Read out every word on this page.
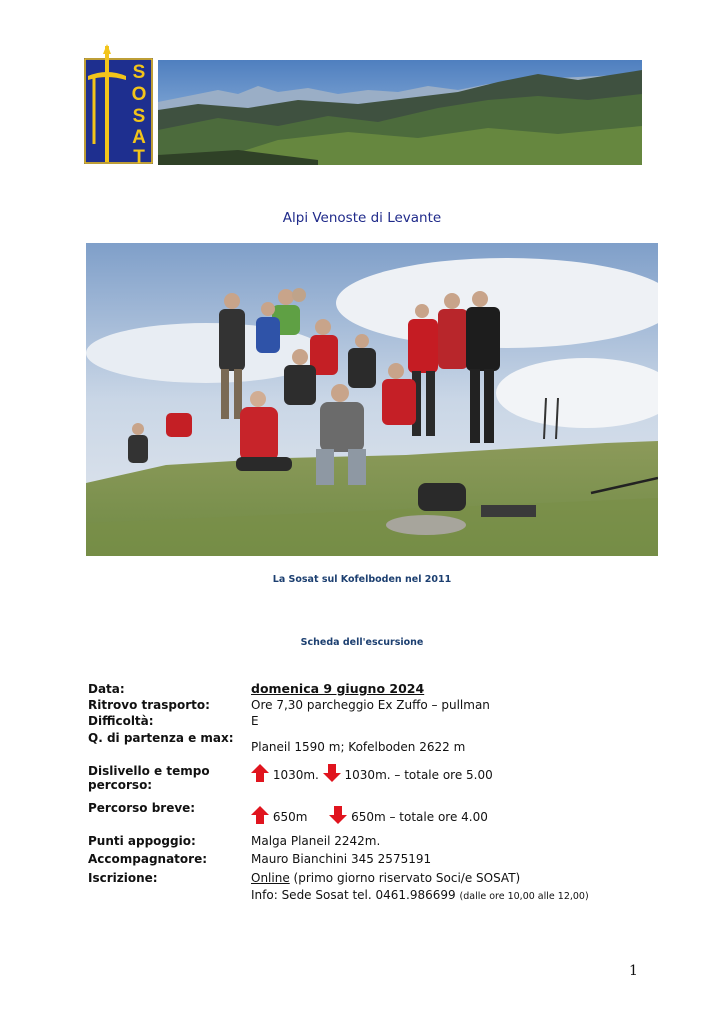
S
O
S
A
T
Alpi Venoste di Levante
La Sosat sul Kofelboden nel 2011
Scheda dell'escursione
Data:	domenica 9 giugno 2024
Ritrovo trasporto:	Ore 7,30 parcheggio Ex Zuffo – pullman
Difficoltà:	E
Q. di partenza e max:
Planeil 1590 m; Kofelboden 2622 m
Dislivello e tempo percorso:
1030m. 1030m. – totale ore 5.00
Percorso breve:
650m	650m – totale ore 4.00
Punti appoggio:	Malga Planeil 2242m.
Accompagnatore:	Mauro Bianchini 345 2575191
Iscrizione:	Online (primo giorno riservato Soci/e SOSAT)
Info: Sede Sosat tel. 0461.986699 (dalle ore 10,00 alle 12,00)
1
